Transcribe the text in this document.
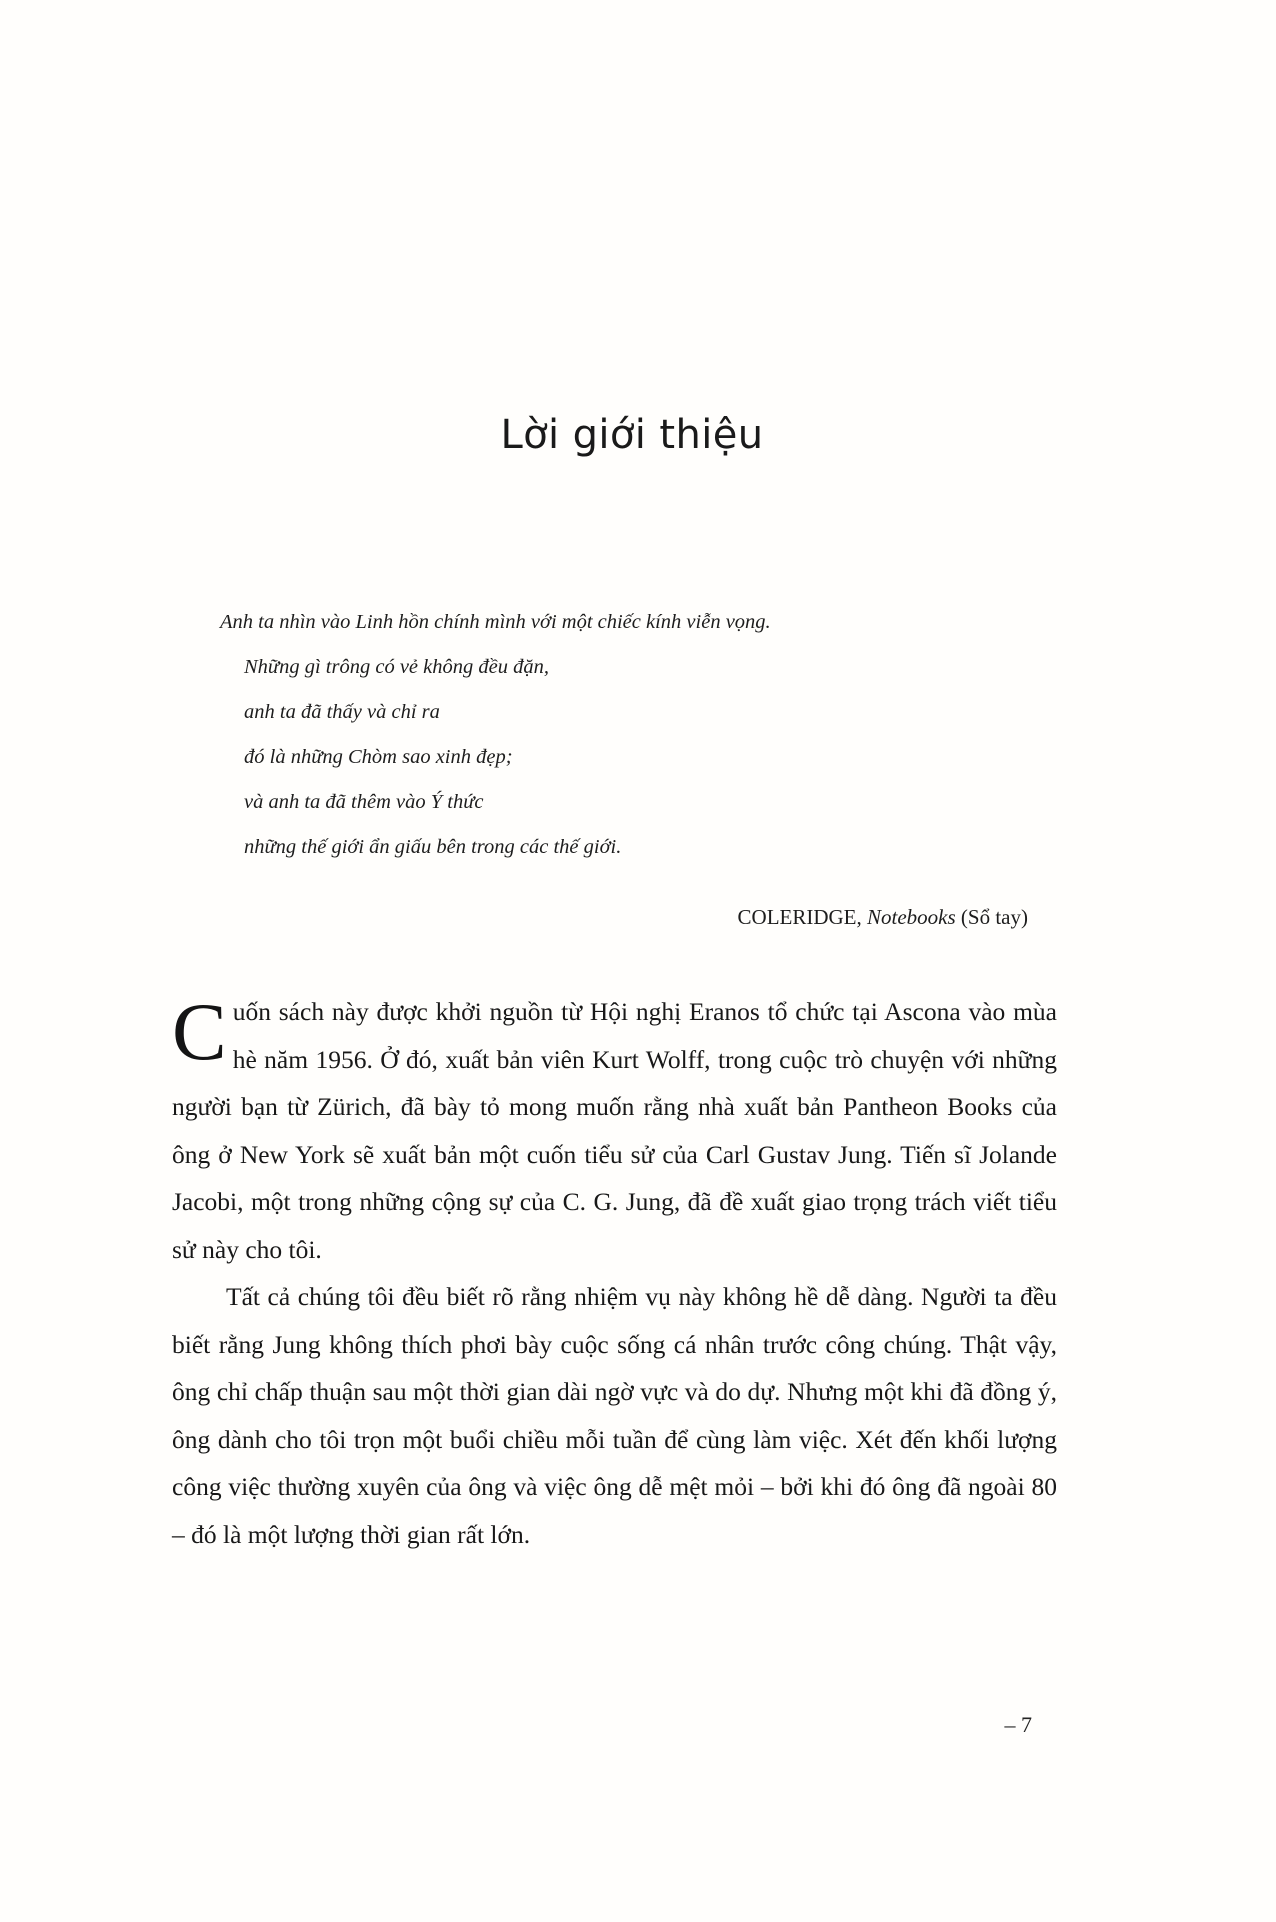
Lời giới thiệu
Anh ta nhìn vào Linh hồn chính mình với một chiếc kính viễn vọng.
Những gì trông có vẻ không đều đặn,
anh ta đã thấy và chỉ ra
đó là những Chòm sao xinh đẹp;
và anh ta đã thêm vào Ý thức
những thế giới ẩn giấu bên trong các thế giới.
COLERIDGE, Notebooks (Sổ tay)

Cuốn sách này được khởi nguồn từ Hội nghị Eranos tổ chức tại Ascona vào mùa hè năm 1956. Ở đó, xuất bản viên Kurt Wolff, trong cuộc trò chuyện với những người bạn từ Zürich, đã bày tỏ mong muốn rằng nhà xuất bản Pantheon Books của ông ở New York sẽ xuất bản một cuốn tiểu sử của Carl Gustav Jung. Tiến sĩ Jolande Jacobi, một trong những cộng sự của C. G. Jung, đã đề xuất giao trọng trách viết tiểu sử này cho tôi.

Tất cả chúng tôi đều biết rõ rằng nhiệm vụ này không hề dễ dàng. Người ta đều biết rằng Jung không thích phơi bày cuộc sống cá nhân trước công chúng. Thật vậy, ông chỉ chấp thuận sau một thời gian dài ngờ vực và do dự. Nhưng một khi đã đồng ý, ông dành cho tôi trọn một buổi chiều mỗi tuần để cùng làm việc. Xét đến khối lượng công việc thường xuyên của ông và việc ông dễ mệt mỏi – bởi khi đó ông đã ngoài 80 – đó là một lượng thời gian rất lớn.

– 7
